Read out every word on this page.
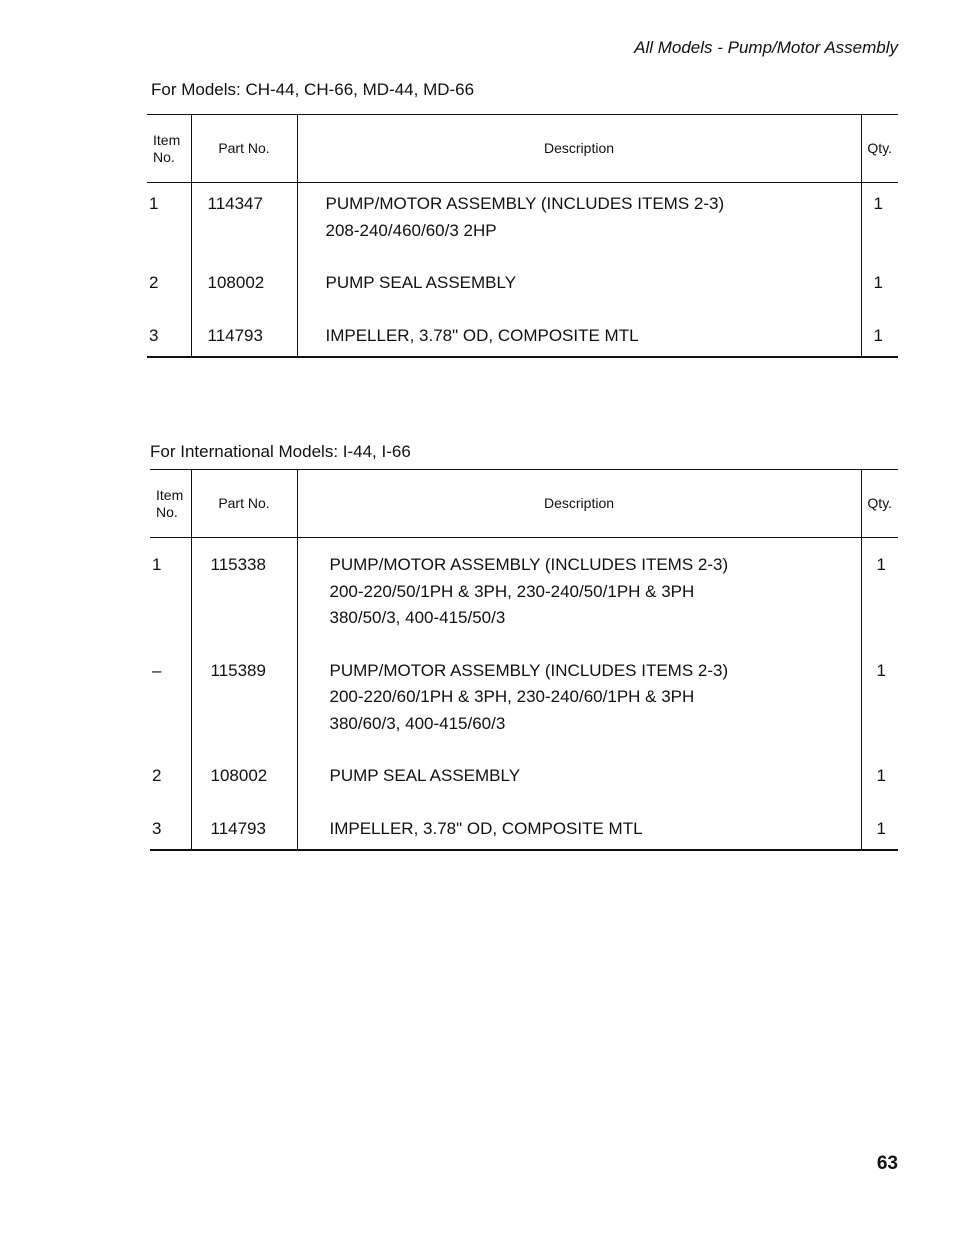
All Models - Pump/Motor Assembly
For Models: CH-44, CH-66, MD-44, MD-66
Item
No.	Part No.	Description	Qty.
1	114347	PUMP/MOTOR ASSEMBLY (INCLUDES ITEMS 2-3)
208-240/460/60/3 2HP	1
2	108002	PUMP SEAL ASSEMBLY	1
3	114793	IMPELLER, 3.78" OD, COMPOSITE MTL	1
For International Models: I-44, I-66
Item
No.	Part No.	Description	Qty.
1	115338	PUMP/MOTOR ASSEMBLY (INCLUDES ITEMS 2-3)
200-220/50/1PH & 3PH, 230-240/50/1PH & 3PH
380/50/3, 400-415/50/3	1
–	115389	PUMP/MOTOR ASSEMBLY (INCLUDES ITEMS 2-3)
200-220/60/1PH & 3PH, 230-240/60/1PH & 3PH
380/60/3, 400-415/60/3	1
2	108002	PUMP SEAL ASSEMBLY	1
3	114793	IMPELLER, 3.78" OD, COMPOSITE MTL	1
63
